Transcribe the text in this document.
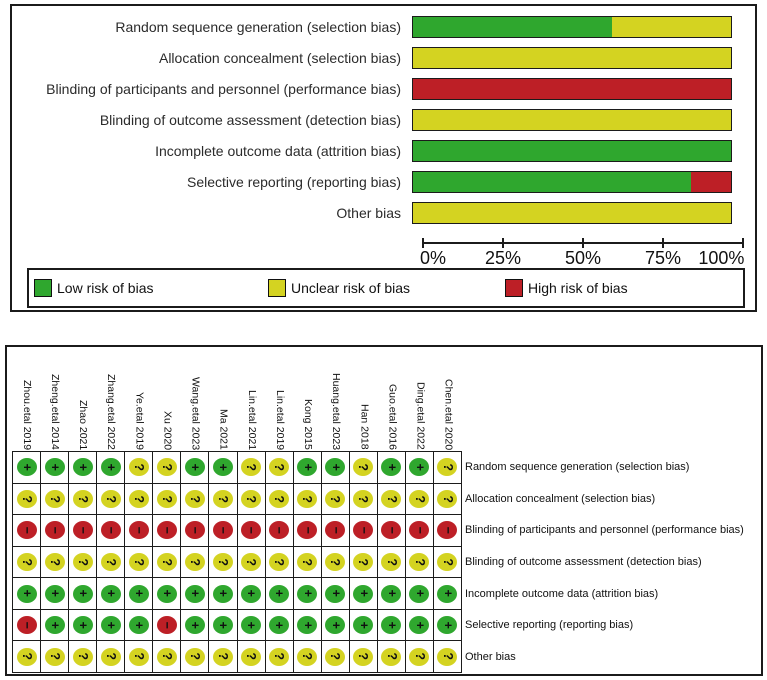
Random sequence generation (selection bias)
Allocation concealment (selection bias)
Blinding of participants and personnel (performance bias)
Blinding of outcome assessment (detection bias)
Incomplete outcome data (attrition bias)
Selective reporting (reporting bias)
Other bias
0% 25% 50% 75% 100%
Low risk of bias	Unclear risk of bias	High risk of bias
Zhou.etal 2019 Zheng.etal 2014 Zhao 2021 Zhang.etal 2022 Ye.etal 2019 Xu 2020 Wang.etal 2023 Ma 2021 Lin.etal 2021 Lin.etal 2019 Kong 2015 Huang.etal 2023 Han 2018 Guo.etal 2016 Ding.etal 2022 Chen.etal 2020
+ + + + ? ? + + ? ? + + ? + + ?
? ? ? ? ? ? ? ? ? ? ? ? ? ? ? ?
− − − − − − − − − − − − − − − −
? ? ? ? ? ? ? ? ? ? ? ? ? ? ? ?
+ + + + + + + + + + + + + + + +
− + + + + − + + + + + + + + + +
? ? ? ? ? ? ? ? ? ? ? ? ? ? ? ?
Random sequence generation (selection bias)
Allocation concealment (selection bias)
Blinding of participants and personnel (performance bias)
Blinding of outcome assessment (detection bias)
Incomplete outcome data (attrition bias)
Selective reporting (reporting bias)
Other bias
